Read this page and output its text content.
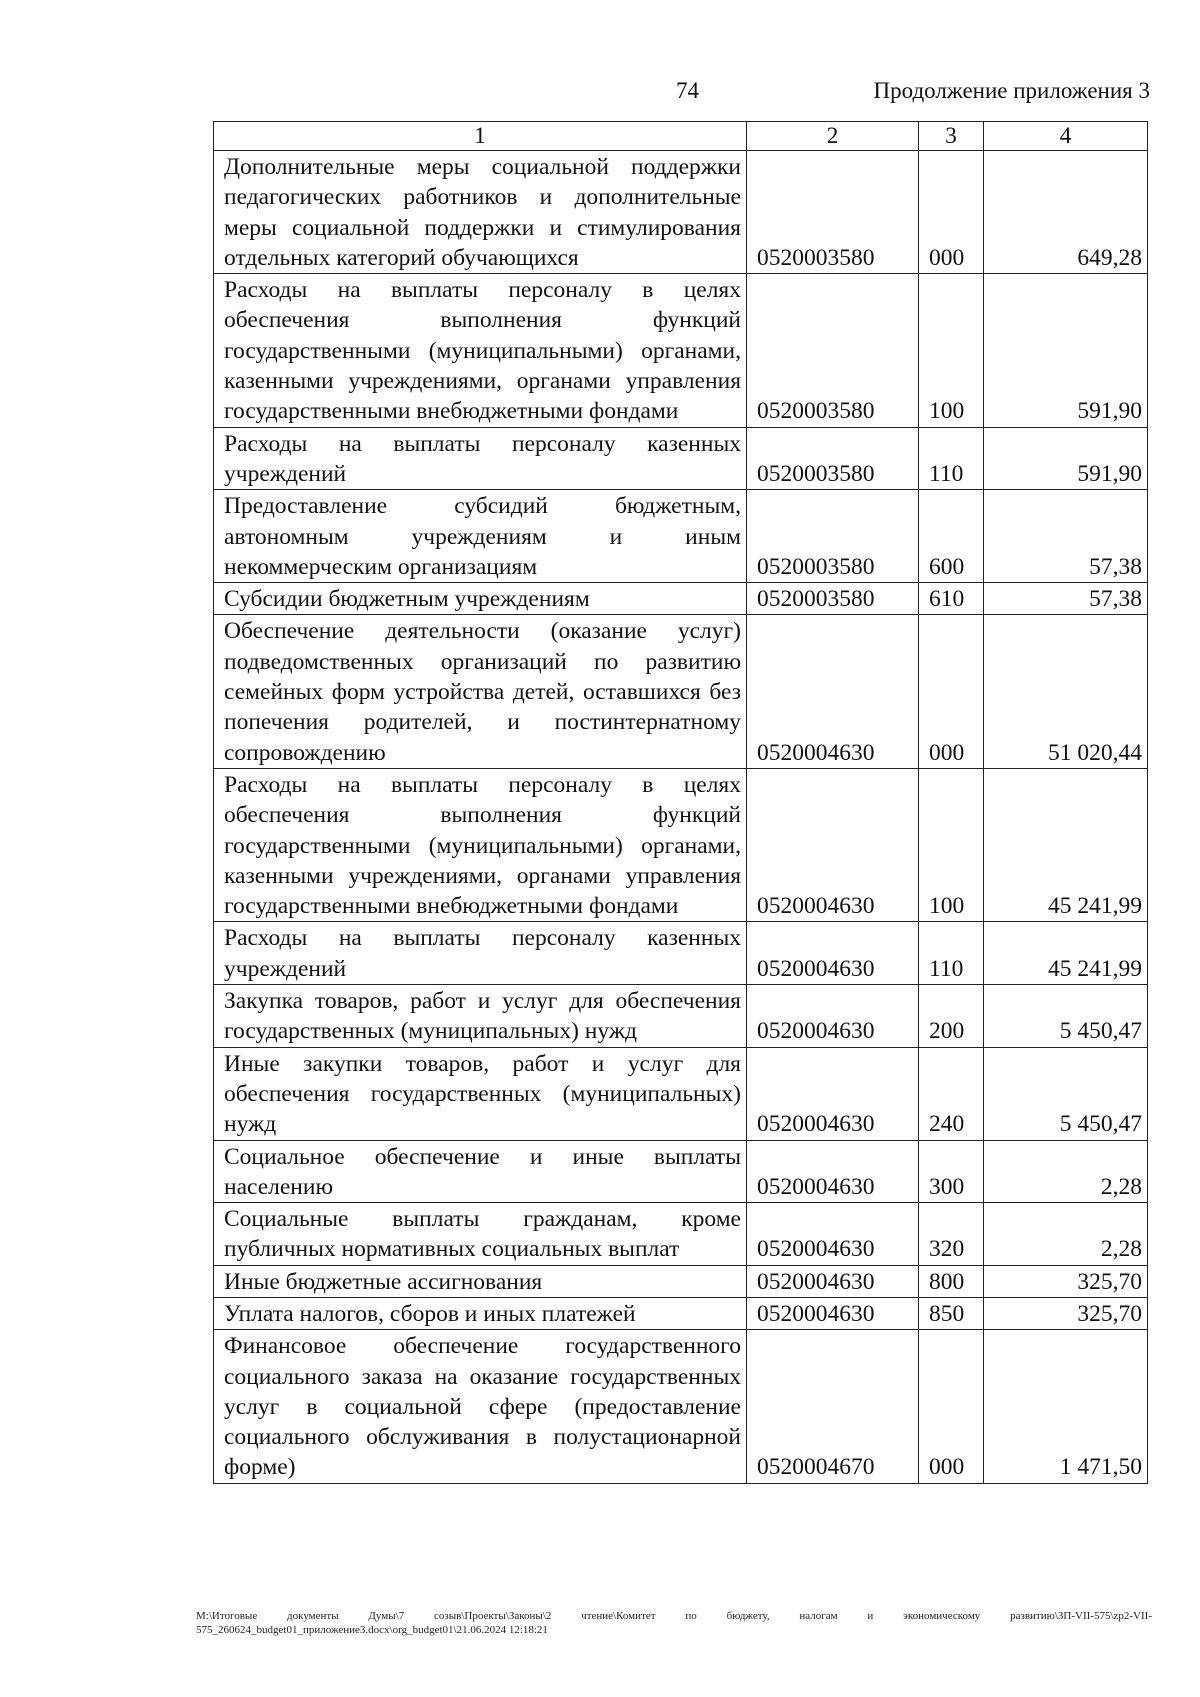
74	Продолжение приложения 3
1	2	3	4
Дополнительные меры социальной поддержки педагогических работников и дополнительные меры социальной поддержки и стимулирования отдельных категорий обучающихся	0520003580	000	649,28
Расходы на выплаты персоналу в целях обеспечения выполнения функций государственными (муниципальными) органами, казенными учреждениями, органами управления государственными внебюджетными фондами	0520003580	100	591,90
Расходы на выплаты персоналу казенных учреждений	0520003580	110	591,90
Предоставление субсидий бюджетным, автономным учреждениям и иным некоммерческим организациям	0520003580	600	57,38
Субсидии бюджетным учреждениям	0520003580	610	57,38
Обеспечение деятельности (оказание услуг) подведомственных организаций по развитию семейных форм устройства детей, оставшихся без попечения родителей, и постинтернатному сопровождению	0520004630	000	51 020,44
Расходы на выплаты персоналу в целях обеспечения выполнения функций государственными (муниципальными) органами, казенными учреждениями, органами управления государственными внебюджетными фондами	0520004630	100	45 241,99
Расходы на выплаты персоналу казенных учреждений	0520004630	110	45 241,99
Закупка товаров, работ и услуг для обеспечения государственных (муниципальных) нужд	0520004630	200	5 450,47
Иные закупки товаров, работ и услуг для обеспечения государственных (муниципальных) нужд	0520004630	240	5 450,47
Социальное обеспечение и иные выплаты населению	0520004630	300	2,28
Социальные выплаты гражданам, кроме публичных нормативных социальных выплат	0520004630	320	2,28
Иные бюджетные ассигнования	0520004630	800	325,70
Уплата налогов, сборов и иных платежей	0520004630	850	325,70
Финансовое обеспечение государственного социального заказа на оказание государственных услуг в социальной сфере (предоставление социального обслуживания в полустационарной форме)	0520004670	000	1 471,50
M:\Итоговые документы Думы\7 созыв\Проекты\Законы\2 чтение\Комитет по бюджету, налогам и экономическому развитию\ЗП-VII-575\zp2-VII-575_260624_budget01_приложение3.docx\org_budget01\21.06.2024 12:18:21
